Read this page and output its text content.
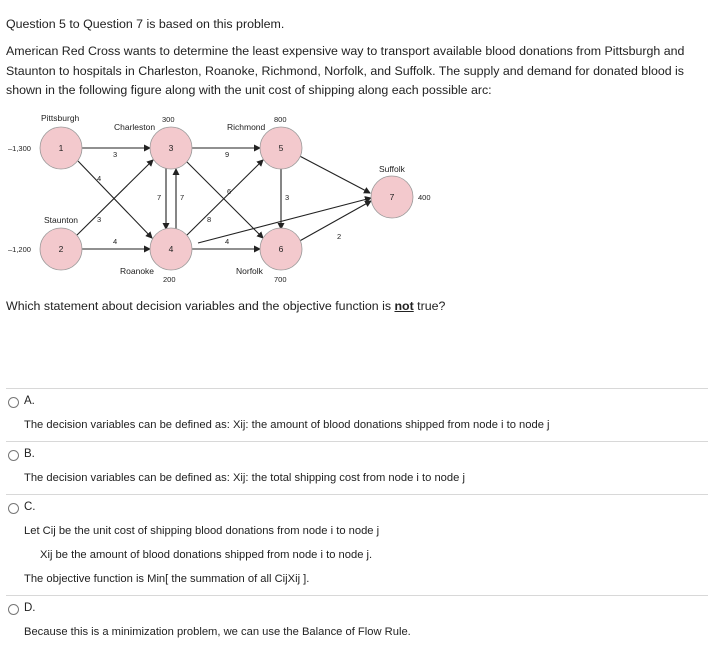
Question 5 to Question 7 is based on this problem.
American Red Cross wants to determine the least expensive way to transport available blood donations from Pittsburgh and Staunton to hospitals in Charleston, Roanoke, Richmond, Norfolk, and Suffolk. The supply and demand for donated blood is shown in the following figure along with the unit cost of shipping along each possible arc:
3
4
3
4
7	7
9
6
8
4
3
2
1
2
3
4
5
6
7
Pittsburgh
Staunton
Charleston
Roanoke
Richmond
Norfolk
Suffolk
–1,300
–1,200
300
200
800
700
400
Which statement about decision variables and the objective function is not true?
A.
The decision variables can be defined as: Xij: the amount of blood donations shipped from node i to node j
B.
The decision variables can be defined as: Xij: the total shipping cost from node i to node j
C.
Let Cij be the unit cost of shipping blood donations from node i to node j
Xij be the amount of blood donations shipped from node i to node j.
The objective function is Min[ the summation of all CijXij ].
D.
Because this is a minimization problem, we can use the Balance of Flow Rule.
